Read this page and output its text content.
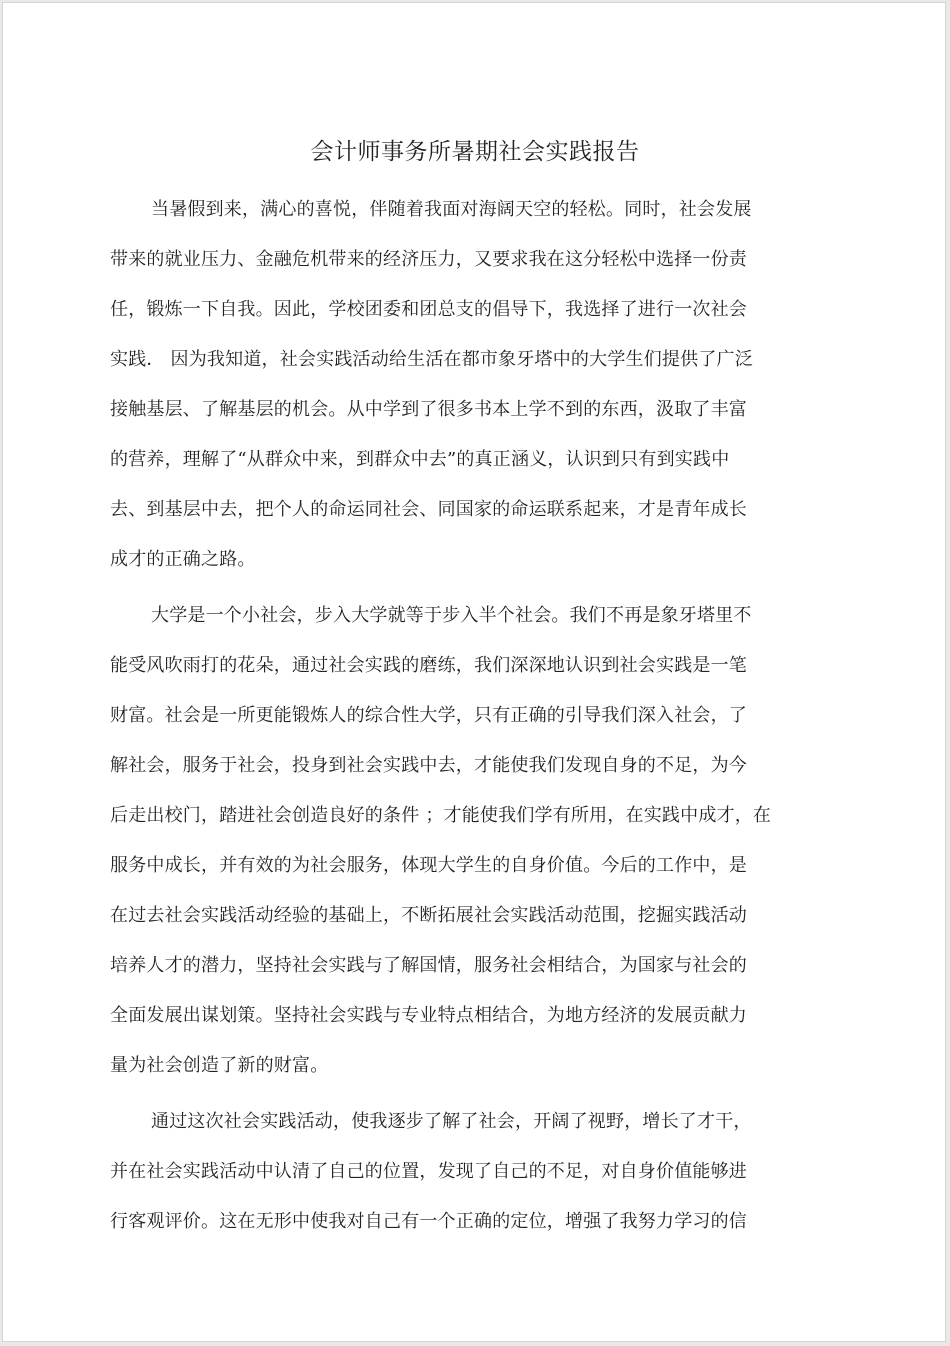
会计师事务所暑期社会实践报告

当暑假到来，满心的喜悦，伴随着我面对海阔天空的轻松。同时，社会发展

带来的就业压力、金融危机带来的经济压力，又要求我在这分轻松中选择一份责

任，锻炼一下自我。因此，学校团委和团总支的倡导下，我选择了进行一次社会

实践． 因为我知道，社会实践活动给生活在都市象牙塔中的大学生们提供了广泛

接触基层、了解基层的机会。从中学到了很多书本上学不到的东西，汲取了丰富

的营养，理解了“从群众中来，到群众中去”的真正涵义，认识到只有到实践中

去、到基层中去，把个人的命运同社会、同国家的命运联系起来，才是青年成长

成才的正确之路。

大学是一个小社会，步入大学就等于步入半个社会。我们不再是象牙塔里不

能受风吹雨打的花朵，通过社会实践的磨练，我们深深地认识到社会实践是一笔

财富。社会是一所更能锻炼人的综合性大学，只有正确的引导我们深入社会，了

解社会，服务于社会，投身到社会实践中去，才能使我们发现自身的不足，为今

后走出校门，踏进社会创造良好的条件 ；才能使我们学有所用，在实践中成才，在

服务中成长，并有效的为社会服务，体现大学生的自身价值。今后的工作中，是

在过去社会实践活动经验的基础上，不断拓展社会实践活动范围，挖掘实践活动

培养人才的潜力，坚持社会实践与了解国情，服务社会相结合，为国家与社会的

全面发展出谋划策。坚持社会实践与专业特点相结合，为地方经济的发展贡献力

量为社会创造了新的财富。

通过这次社会实践活动，使我逐步了解了社会，开阔了视野，增长了才干，

并在社会实践活动中认清了自己的位置，发现了自己的不足，对自身价值能够进

行客观评价。这在无形中使我对自己有一个正确的定位，增强了我努力学习的信
